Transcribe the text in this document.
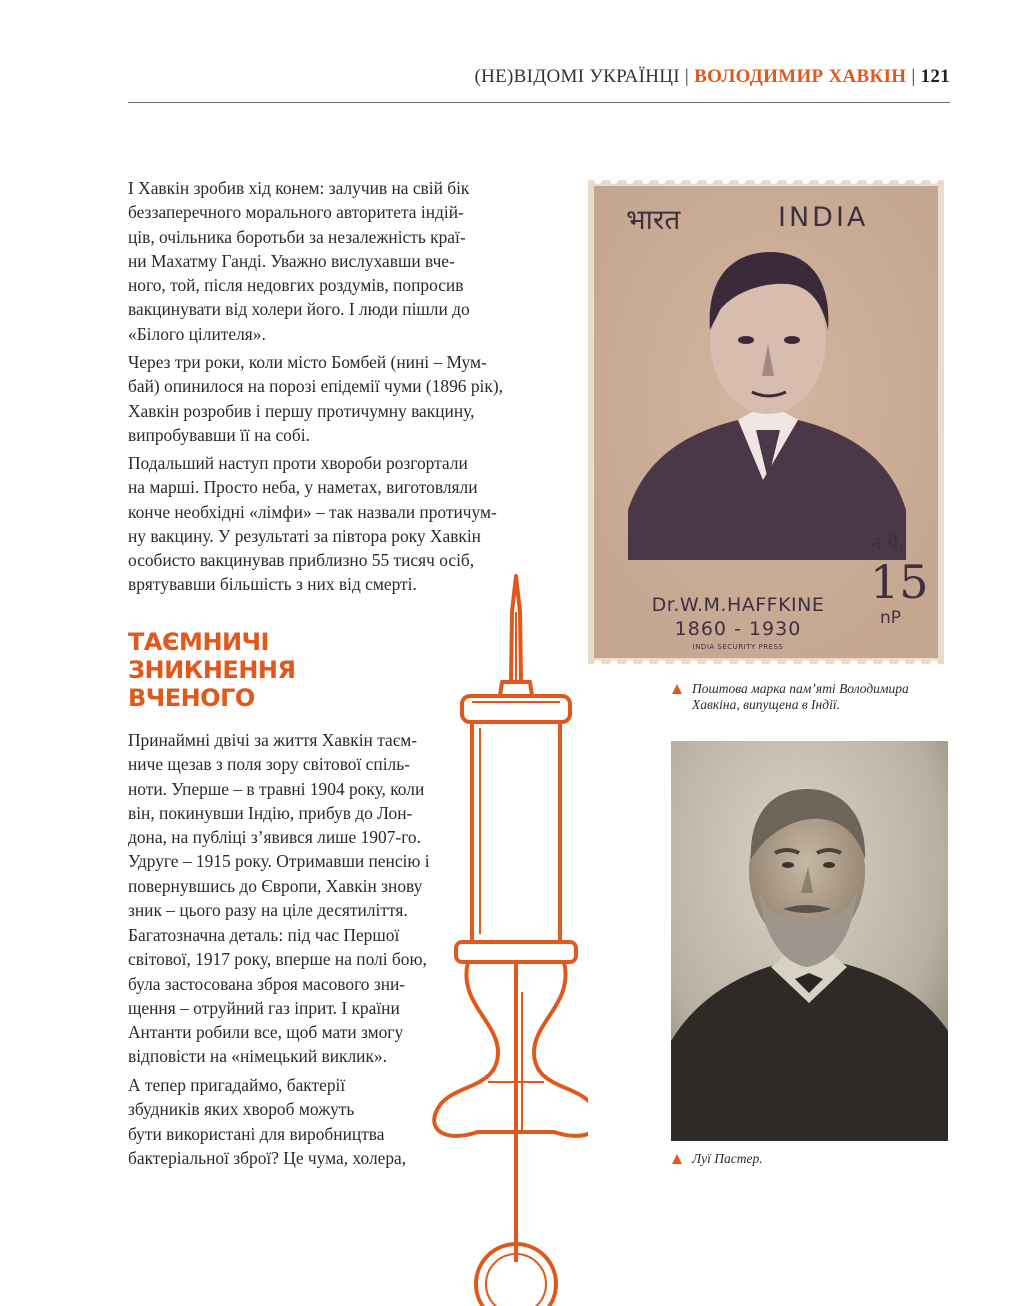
(НЕ)ВІДОМІ УКРАЇНЦІ | ВОЛОДИМИР ХАВКІН | 121

І Хавкін зробив хід конем: залучив на свій бік
беззаперечного морального авторитета індій-
ців, очільника боротьби за незалежність краї-
ни Махатму Ганді. Уважно вислухавши вче-
ного, той, після недовгих роздумів, попросив
вакцинувати від холери його. І люди пішли до
«Білого цілителя».

Через три роки, коли місто Бомбей (нині – Мум-
бай) опинилося на порозі епідемії чуми (1896 рік),
Хавкін розробив і першу протичумну вакцину,
випробувавши її на собі.

Подальший наступ проти хвороби розгортали
на марші. Просто неба, у наметах, виготовляли
конче необхідні «лімфи» – так назвали протичум-
ну вакцину. У результаті за півтора року Хавкін
особисто вакцинував приблизно 55 тисяч осіб,
врятувавши більшість з них від смерті.

ТАЄМНИЧІ
ЗНИКНЕННЯ
ВЧЕНОГО

Принаймні двічі за життя Хавкін таєм-
ниче щезав з поля зору світової спіль-
ноти. Уперше – в травні 1904 року, коли
він, покинувши Індію, прибув до Лон-
дона, на публіці з’явився лише 1907-го.
Удруге – 1915 року. Отримавши пенсію і
повернувшись до Європи, Хавкін знову
зник – цього разу на ціле десятиліття.

Багатозначна деталь: під час Першої
світової, 1917 року, вперше на полі бою,
була застосована зброя масового зни-
щення – отруйний газ іприт. І країни
Антанти робили все, щоб мати змогу
відповісти на «німецький виклик».

А тепер пригадаймо, бактерії
збудників яких хвороб можуть
бути використані для виробництва
бактеріальної зброї? Це чума, холера,

भारत	INDIA
न.पै.
15
nP
Dr.W.M.HAFFKINE
1860 - 1930
INDIA SECURITY PRESS
Поштова марка пам’яті Володимира
Хавкіна, випущена в Індії.
Луї Пастер.
